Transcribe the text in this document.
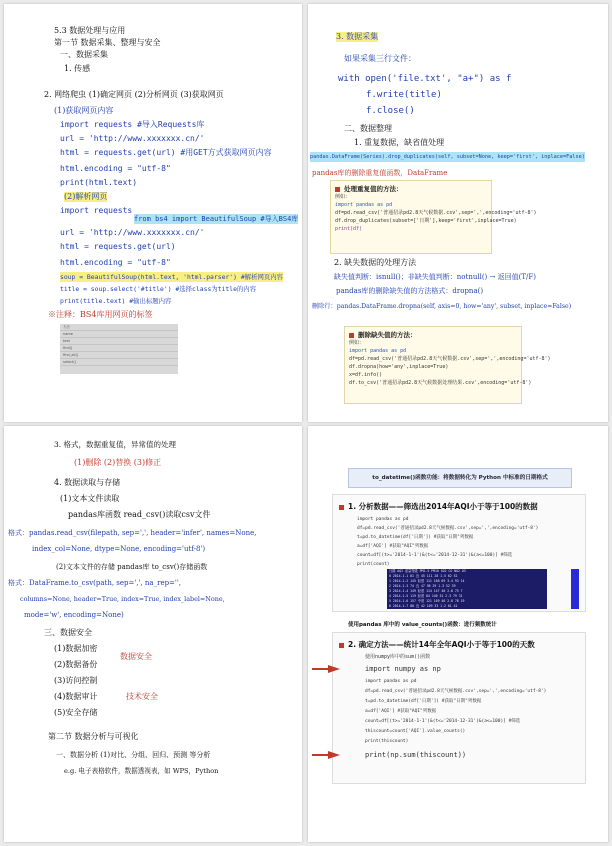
5.3 数据处理与应用
第一节 数据采集、整理与安全
一、数据采集
1. 传感
2. 网络爬虫 (1)确定网页 (2)分析网页 (3)获取网页
(1)获取网页内容
import requests #导入Requests库
url = 'http://www.xxxxxxx.cn/'
html = requests.get(url) #用GET方式获取网页内容
html.encoding = "utf-8"
print(html.text)
(2)解析网页
import requests
from bs4 import BeautifulSoup #导入BS4库
url = 'http://www.xxxxxxx.cn/'
html = requests.get(url)
html.encoding = "utf-8"
soup = BeautifulSoup(html.text, 'html.parser') #解析网页内容
title = soup.select('#title') #选择class为title的内容
print(title.text) #输出标题内容
※注释：BS4库用网页的标签
方法
name
text
find()
find_all()
select()
3. 数据采集
如果采集三行文件：
with open('file.txt', "a+") as f
f.write(title)
f.close()
二、数据整理
1. 重复数据，缺省值处理
pandas.DataFrame(Series).drop_duplicates(self, subset=None, keep='first', inplace=False)
pandas库的删除重复值函数，DataFrame
处理重复值的方法：
例如：
import pandas as pd
df=pd.read_csv('普通招录pd2.8天气候数据.csv',sep=',',encoding='utf-8')
df.drop_duplicates(subset=['日期'],keep='first',inplace=True)
print(df)
2. 缺失数据的处理方法
缺失值判断：isnull()；非缺失值判断：notnull() → 返回值(T/F)
pandas库的删除缺失值的方法格式：dropna()
删除行：pandas.DataFrame.dropna(self, axis=0, how='any', subset, inplace=False)
删除缺失值的方法：
例如：
import pandas as pd
df=pd.read_csv('普通招录pd2.8天气候数据.csv',sep=',',encoding='utf-8')
df.dropna(how='any',inplace=True)
x=df.info()
df.to_csv('普通招录pd2.8天气候数据处理结果.csv',encoding='utf-8')
3. 格式，数据重复值，异常值的处理
(1)删除 (2)替换 (3)修正
4. 数据读取与存储
(1)文本文件读取
pandas库函数 read_csv()读取csv文件
格式：pandas.read_csv(filepath, sep=',', header='infer', names=None,
index_col=None, dtype=None, encoding='utf-8')
(2)文本文件的存储 pandas库 to_csv()存储函数
格式：DataFrame.to_csv(path, sep=',', na_rep='',
columns=None, header=True, index=True, index_label=None,
mode='w', encoding=None)
三、数据安全
(1)数据加密
(2)数据备份
(3)访问控制
(4)数据审计
(5)安全存储
数据安全
技术安全
第二节 数据分析与可视化
一、数据分析 (1)对比、分组、回归、预测 等分析
e.g. 电子表格软件，数据透视表，如 WPS，Python
to_datetime()函数功能：将数据转化为 Python 中标准的日期格式
1. 分析数据——筛选出2014年AQI小于等于100的数据
import pandas as pd
df=pd.read_csv('普通招录pd2.8天气候数据.csv',sep=',',encoding='utf-8')
t=pd.to_datetime(df['日期']) #获取"日期"列数据
a=df['AQI'] #获取"AQI"列数据
count=df[(t>='2014-1-1')&(t<='2014-12-31')&(a<=100)] #筛选
print(count)
日期 AQI 质量等级 PM2.5 PM10 SO2 CO NO2 O3
0 2014-1-1 81 良 45 111 28 1.5 62 52
1 2014-1-2 145 轻度 111 168 69 3.4 93 14
2 2014-1-3 74 良 47 98 29 1.3 52 39
3 2014-1-4 149 轻度 114 147 40 2.8 75 7
4 2014-1-5 119 轻度 84 140 31 2.3 79 31
5 2014-1-6 157 中度 121 169 46 2.8 78 19
6 2014-1-7 80 良 42 109 33 1.2 61 41
使用pandas 库中的 value_counts()函数：进行频数统计
2. 确定方法——统计14年全年AQI小于等于100的天数
使用numpy库中的sum()函数
import numpy as np
import pandas as pd
df=pd.read_csv('普通招录pd2.8天气候数据.csv',sep=',',encoding='utf-8')
t=pd.to_datetime(df['日期']) #获取"日期"列数据
a=df['AQI'] #获取"AQI"列数据
count=df[(t>='2014-1-1')&(t<='2014-12-31')&(a<=100)] #筛选
thiscount=count['AQI'].value_counts()
print(thiscount)
print(np.sum(thiscount))
